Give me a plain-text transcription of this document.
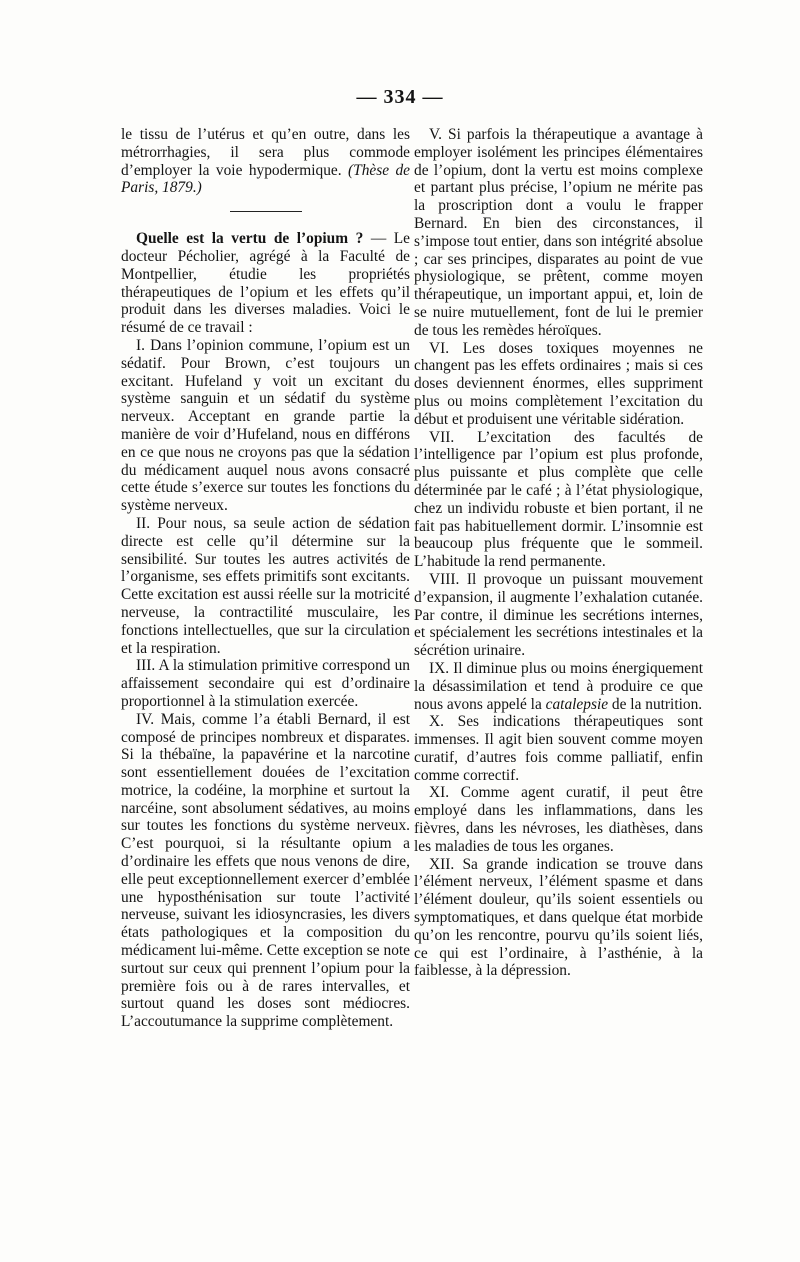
— 334 —

le tissu de l’utérus et qu’en outre, dans les métrorrhagies, il sera plus commode d’employer la voie hypodermique. (Thèse de Paris, 1879.)

Quelle est la vertu de l’opium ? — Le docteur Pécholier, agrégé à la Faculté de Montpellier, étudie les propriétés thérapeutiques de l’opium et les effets qu’il produit dans les diverses maladies. Voici le résumé de ce travail :

I. Dans l’opinion commune, l’opium est un sédatif. Pour Brown, c’est toujours un excitant. Hufeland y voit un excitant du système sanguin et un sédatif du système nerveux. Acceptant en grande partie la manière de voir d’Hufeland, nous en différons en ce que nous ne croyons pas que la sédation du médicament auquel nous avons consacré cette étude s’exerce sur toutes les fonctions du système nerveux.

II. Pour nous, sa seule action de sédation directe est celle qu’il détermine sur la sensibilité. Sur toutes les autres activités de l’organisme, ses effets primitifs sont excitants. Cette excitation est aussi réelle sur la motricité nerveuse, la contractilité musculaire, les fonctions intellectuelles, que sur la circulation et la respiration.

III. A la stimulation primitive correspond un affaissement secondaire qui est d’ordinaire proportionnel à la stimulation exercée.

IV. Mais, comme l’a établi Bernard, il est composé de principes nombreux et disparates. Si la thébaïne, la papavérine et la narcotine sont essentiellement douées de l’excitation motrice, la codéine, la morphine et surtout la narcéine, sont absolument sédatives, au moins sur toutes les fonctions du système nerveux. C’est pourquoi, si la résultante opium a d’ordinaire les effets que nous venons de dire, elle peut exceptionnellement exercer d’emblée une hyposthénisation sur toute l’activité nerveuse, suivant les idiosyncrasies, les divers états pathologiques et la composition du médicament lui-même. Cette exception se note surtout sur ceux qui prennent l’opium pour la première fois ou à de rares intervalles, et surtout quand les doses sont médiocres. L’accoutumance la supprime complètement.

V. Si parfois la thérapeutique a avantage à employer isolément les principes élémentaires de l’opium, dont la vertu est moins complexe et partant plus précise, l’opium ne mérite pas la proscription dont a voulu le frapper Bernard. En bien des circonstances, il s’impose tout entier, dans son intégrité absolue ; car ses principes, disparates au point de vue physiologique, se prêtent, comme moyen thérapeutique, un important appui, et, loin de se nuire mutuellement, font de lui le premier de tous les remèdes héroïques.

VI. Les doses toxiques moyennes ne changent pas les effets ordinaires ; mais si ces doses deviennent énormes, elles suppriment plus ou moins complètement l’excitation du début et produisent une véritable sidération.

VII. L’excitation des facultés de l’intelligence par l’opium est plus profonde, plus puissante et plus complète que celle déterminée par le café ; à l’état physiologique, chez un individu robuste et bien portant, il ne fait pas habituellement dormir. L’insomnie est beaucoup plus fréquente que le sommeil. L’habitude la rend permanente.

VIII. Il provoque un puissant mouvement d’expansion, il augmente l’exhalation cutanée. Par contre, il diminue les secrétions internes, et spécialement les secrétions intestinales et la sécrétion urinaire.

IX. Il diminue plus ou moins énergiquement la désassimilation et tend à produire ce que nous avons appelé la catalepsie de la nutrition.

X. Ses indications thérapeutiques sont immenses. Il agit bien souvent comme moyen curatif, d’autres fois comme palliatif, enfin comme correctif.

XI. Comme agent curatif, il peut être employé dans les inflammations, dans les fièvres, dans les névroses, les diathèses, dans les maladies de tous les organes.

XII. Sa grande indication se trouve dans l’élément nerveux, l’élément spasme et dans l’élément douleur, qu’ils soient essentiels ou symptomatiques, et dans quelque état morbide qu’on les rencontre, pourvu qu’ils soient liés, ce qui est l’ordinaire, à l’asthénie, à la faiblesse, à la dépression.
